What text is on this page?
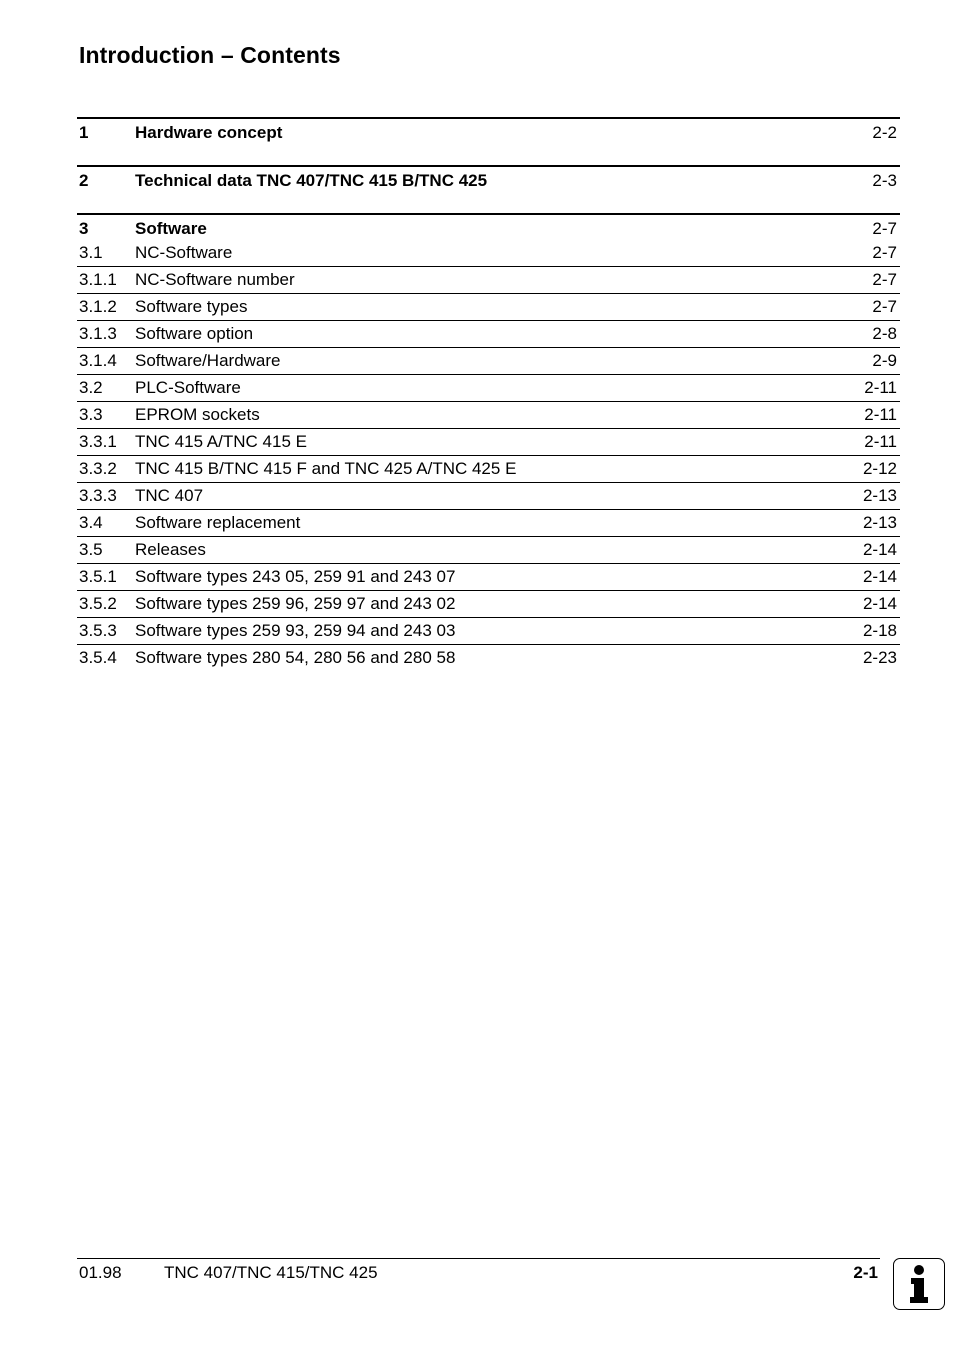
Introduction – Contents
1	Hardware concept	2-2
2	Technical data TNC 407/TNC 415 B/TNC 425	2-3
3	Software	2-7
3.1	NC-Software	2-7
3.1.1	NC-Software number	2-7
3.1.2	Software types	2-7
3.1.3	Software option	2-8
3.1.4	Software/Hardware	2-9
3.2	PLC-Software	2-11
3.3	EPROM sockets	2-11
3.3.1	TNC 415 A/TNC 415 E	2-11
3.3.2	TNC 415 B/TNC 415 F and TNC 425 A/TNC 425 E	2-12
3.3.3	TNC 407	2-13
3.4	Software replacement	2-13
3.5	Releases	2-14
3.5.1	Software types 243 05, 259 91 and 243 07	2-14
3.5.2	Software types 259 96, 259 97 and 243 02	2-14
3.5.3	Software types 259 93, 259 94 and 243 03	2-18
3.5.4	Software types 280 54, 280 56 and 280 58	2-23
01.98 TNC 407/TNC 415/TNC 425	2-1
